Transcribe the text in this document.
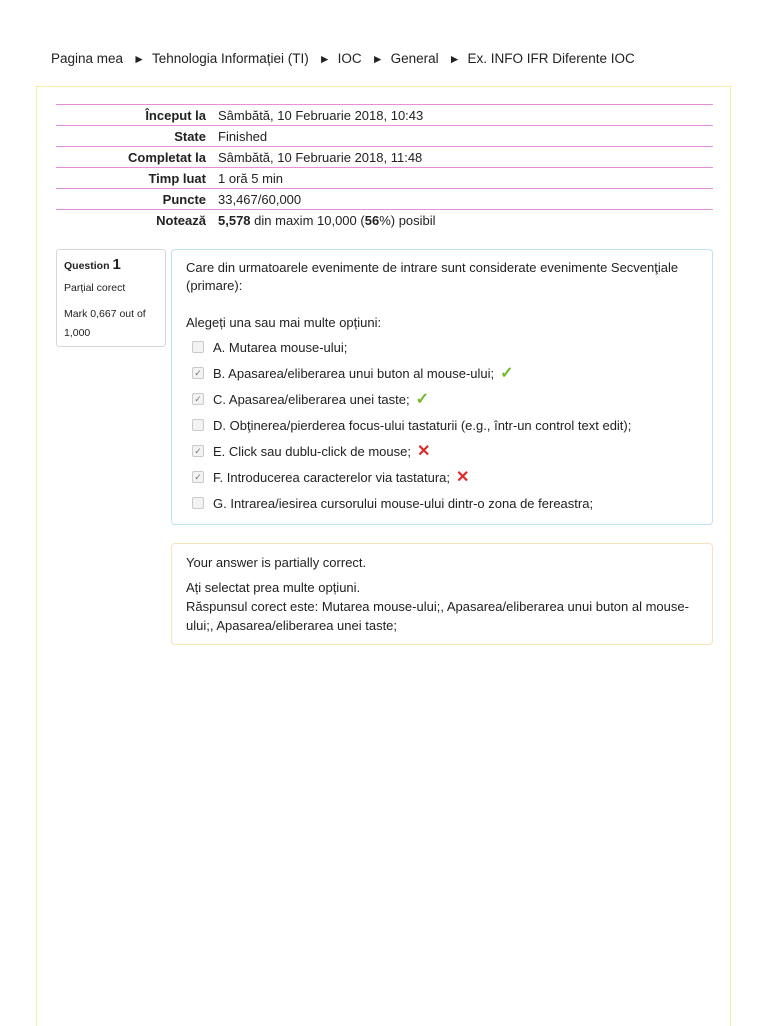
Pagina mea ► Tehnologia Informației (TI) ► IOC ► General ► Ex. INFO IFR Diferente IOC
Început la	Sâmbătă, 10 Februarie 2018, 10:43
State	Finished
Completat la	Sâmbătă, 10 Februarie 2018, 11:48
Timp luat	1 oră 5 min
Puncte	33,467/60,000
Notează	5,578 din maxim 10,000 (56%) posibil
Question 1
Parțial corect
Mark 0,667 out of 1,000
Care din urmatoarele evenimente de intrare sunt considerate evenimente Secvenţiale (primare):
Alegeți una sau mai multe opțiuni:
A. Mutarea mouse-ului;
✓ B. Apasarea/eliberarea unui buton al mouse-ului; ✓
✓ C. Apasarea/eliberarea unei taste; ✓
D. Obţinerea/pierderea focus-ului tastaturii (e.g., într-un control text edit);
✓ E. Click sau dublu-click de mouse; ✕
✓ F. Introducerea caracterelor via tastatura; ✕
G. Intrarea/iesirea cursorului mouse-ului dintr-o zona de fereastra;
Your answer is partially correct.
Ați selectat prea multe opțiuni.
Răspunsul corect este: Mutarea mouse-ului;, Apasarea/eliberarea unui buton al mouse-ului;, Apasarea/eliberarea unei taste;
